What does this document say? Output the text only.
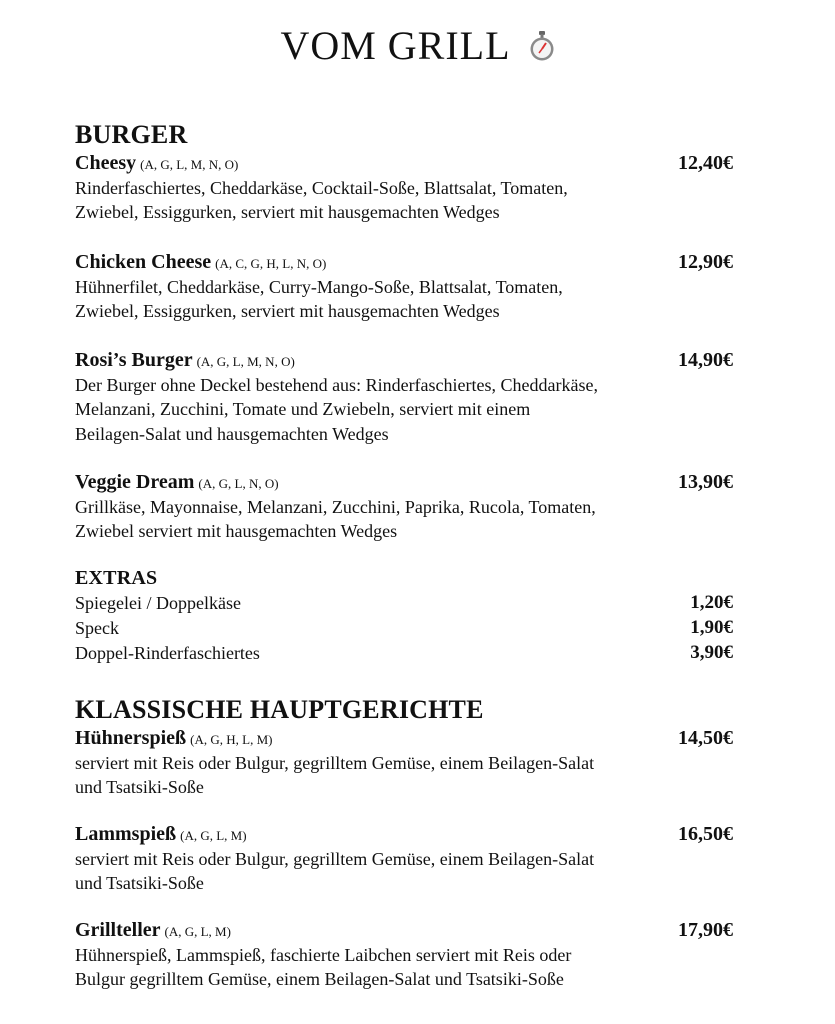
VOM GRILL
BURGER
Cheesy (A, G, L, M, N, O)	12,40€
Rinderfaschiertes, Cheddarkäse, Cocktail-Soße, Blattsalat, Tomaten,
Zwiebel, Essiggurken, serviert mit hausgemachten Wedges
Chicken Cheese (A, C, G, H, L, N, O)	12,90€
Hühnerfilet, Cheddarkäse, Curry-Mango-Soße, Blattsalat, Tomaten,
Zwiebel, Essiggurken, serviert mit hausgemachten Wedges
Rosi’s Burger (A, G, L, M, N, O)	14,90€
Der Burger ohne Deckel bestehend aus: Rinderfaschiertes, Cheddarkäse,
Melanzani, Zucchini, Tomate und Zwiebeln, serviert mit einem
Beilagen-Salat und hausgemachten Wedges
Veggie Dream (A, G, L, N, O)	13,90€
Grillkäse, Mayonnaise, Melanzani, Zucchini, Paprika, Rucola, Tomaten,
Zwiebel serviert mit hausgemachten Wedges
EXTRAS
Spiegelei / Doppelkäse	1,20€
Speck	1,90€
Doppel-Rinderfaschiertes	3,90€
KLASSISCHE HAUPTGERICHTE
Hühnerspieß (A, G, H, L, M)	14,50€
serviert mit Reis oder Bulgur, gegrilltem Gemüse, einem Beilagen-Salat
und Tsatsiki-Soße
Lammspieß (A, G, L, M)	16,50€
serviert mit Reis oder Bulgur, gegrilltem Gemüse, einem Beilagen-Salat
und Tsatsiki-Soße
Grillteller (A, G, L, M)	17,90€
Hühnerspieß, Lammspieß, faschierte Laibchen serviert mit Reis oder
Bulgur gegrilltem Gemüse, einem Beilagen-Salat und Tsatsiki-Soße
